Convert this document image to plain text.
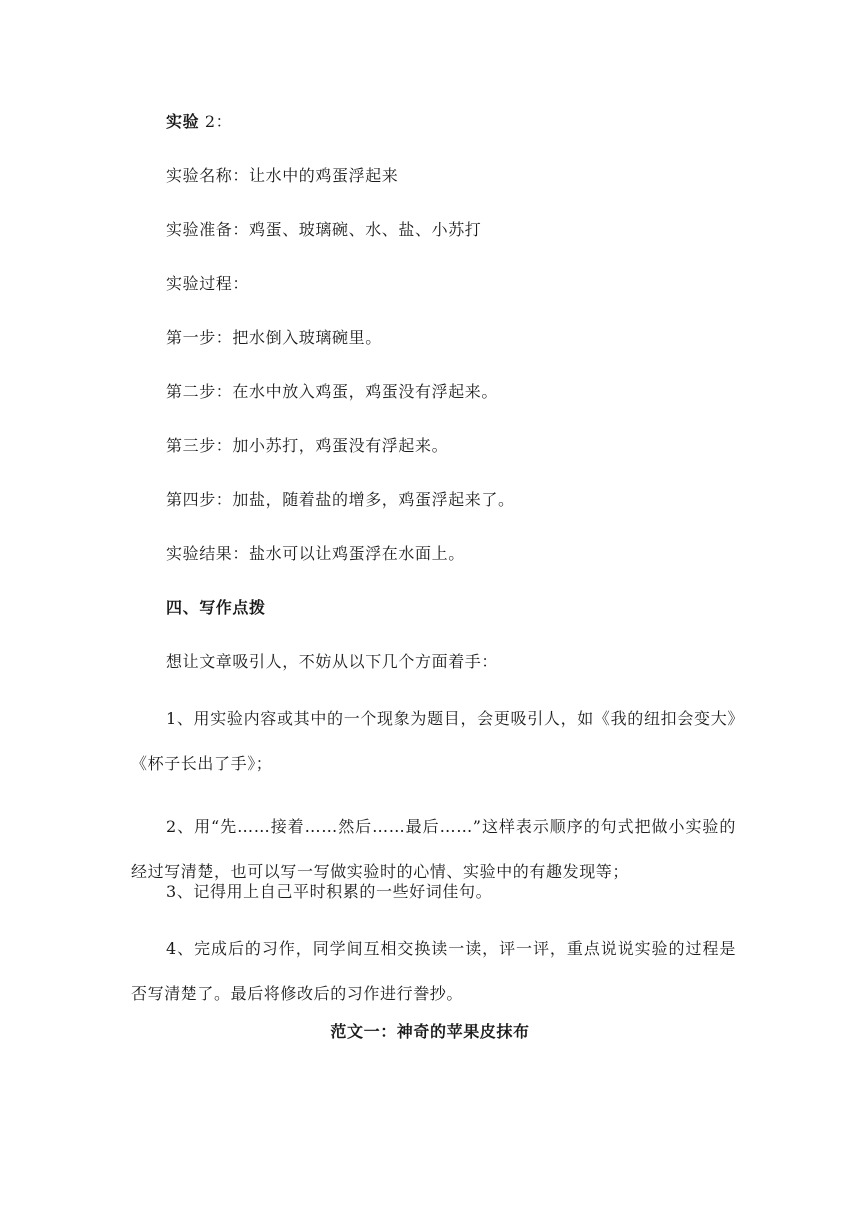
实验 2：
实验名称：让水中的鸡蛋浮起来
实验准备：鸡蛋、玻璃碗、水、盐、小苏打
实验过程：
第一步：把水倒入玻璃碗里。
第二步：在水中放入鸡蛋，鸡蛋没有浮起来。
第三步：加小苏打，鸡蛋没有浮起来。
第四步：加盐，随着盐的增多，鸡蛋浮起来了。
实验结果：盐水可以让鸡蛋浮在水面上。
四、写作点拨
想让文章吸引人，不妨从以下几个方面着手：
1、用实验内容或其中的一个现象为题目，会更吸引人，如《我的纽扣会变大》《杯子长出了手》；
2、用“先……接着……然后……最后……”这样表示顺序的句式把做小实验的经过写清楚，也可以写一写做实验时的心情、实验中的有趣发现等；
3、记得用上自己平时积累的一些好词佳句。
4、完成后的习作，同学间互相交换读一读，评一评，重点说说实验的过程是否写清楚了。最后将修改后的习作进行誊抄。
范文一：神奇的苹果皮抹布
